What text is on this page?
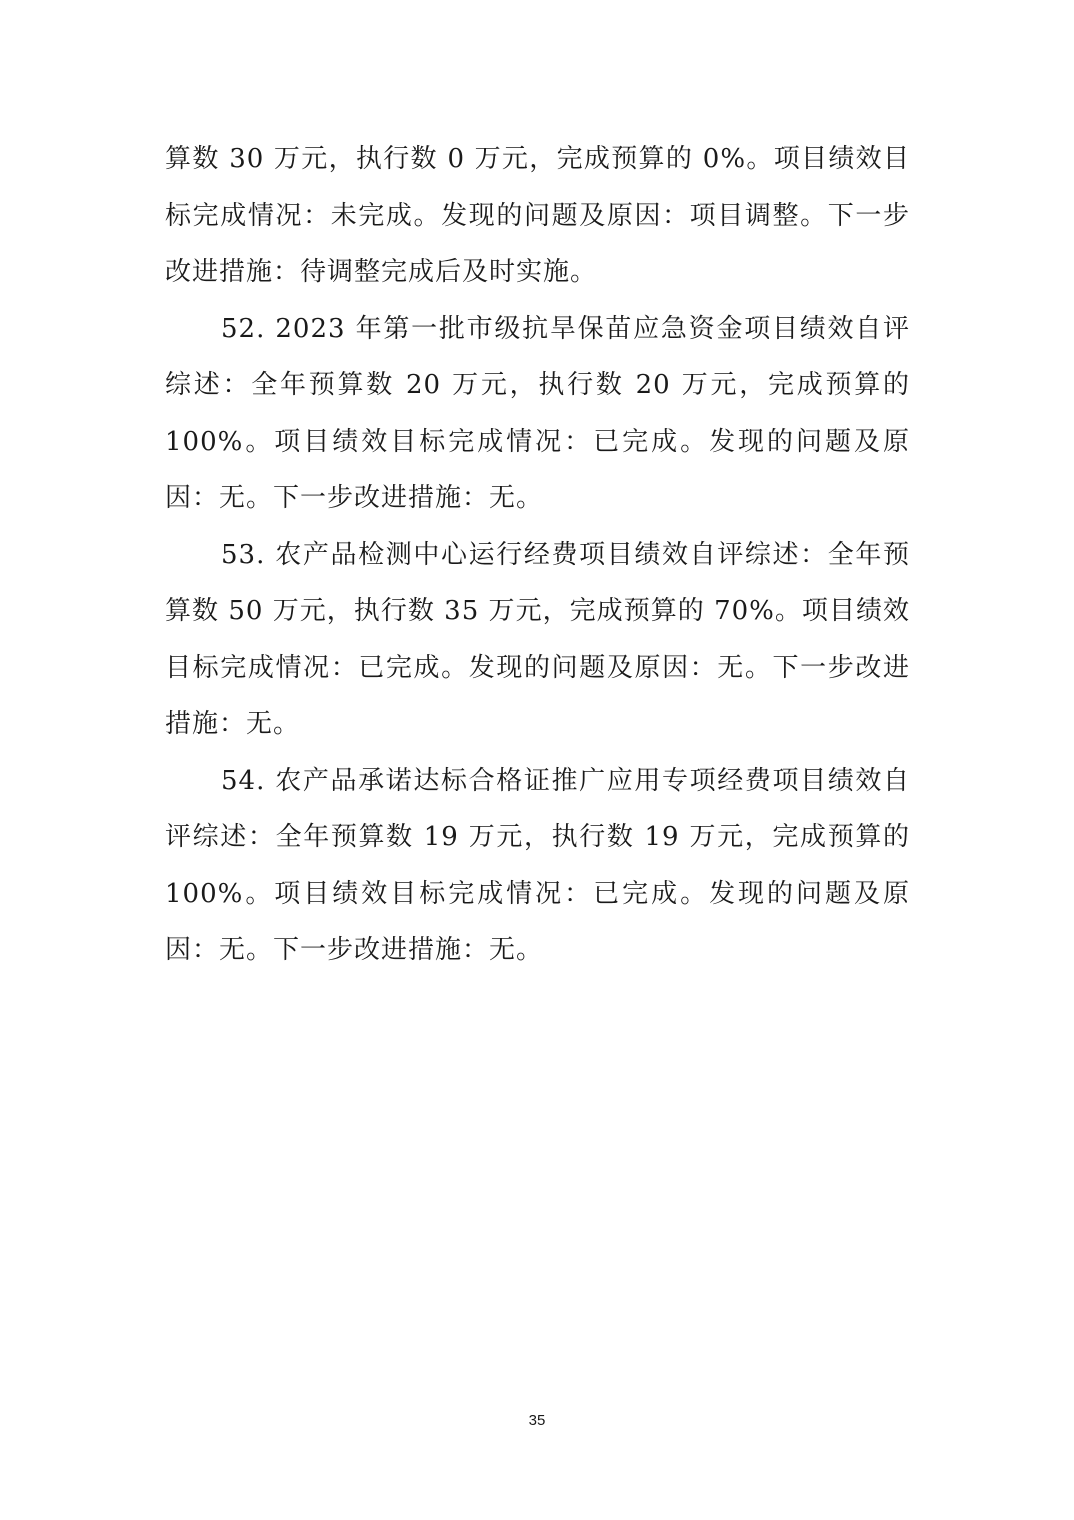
算数 30 万元，执行数 0 万元，完成预算的 0%。项目绩效目标完成情况：未完成。发现的问题及原因：项目调整。下一步改进措施：待调整完成后及时实施。

52. 2023 年第一批市级抗旱保苗应急资金项目绩效自评综述：全年预算数 20 万元，执行数 20 万元，完成预算的 100%。项目绩效目标完成情况：已完成。发现的问题及原因：无。下一步改进措施：无。

53. 农产品检测中心运行经费项目绩效自评综述：全年预算数 50 万元，执行数 35 万元，完成预算的 70%。项目绩效目标完成情况：已完成。发现的问题及原因：无。下一步改进措施：无。

54. 农产品承诺达标合格证推广应用专项经费项目绩效自评综述：全年预算数 19 万元，执行数 19 万元，完成预算的 100%。项目绩效目标完成情况：已完成。发现的问题及原因：无。下一步改进措施：无。

35
